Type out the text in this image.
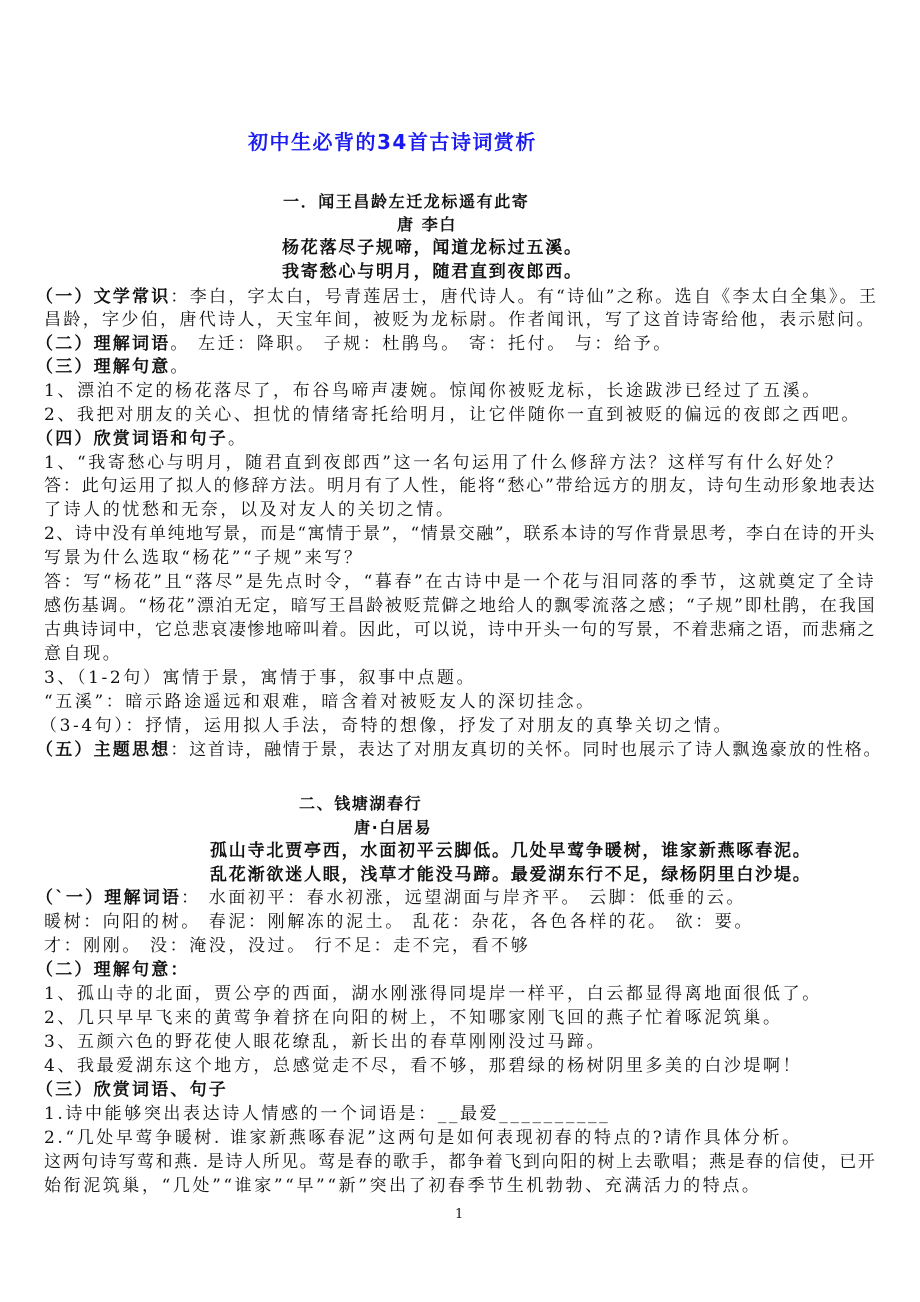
初中生必背的34首古诗词赏析
一．闻王昌龄左迁龙标遥有此寄
唐 李白
杨花落尽子规啼，闻道龙标过五溪。
我寄愁心与明月，随君直到夜郎西。
（一）文学常识：李白，字太白，号青莲居士，唐代诗人。有“诗仙”之称。选自《李太白全集》。王
昌龄，字少伯，唐代诗人，天宝年间，被贬为龙标尉。作者闻讯，写了这首诗寄给他，表示慰问。
（二）理解词语。 左迁：降职。 子规：杜鹃鸟。 寄：托付。 与：给予。
（三）理解句意。
1、漂泊不定的杨花落尽了，布谷鸟啼声凄婉。惊闻你被贬龙标，长途跋涉已经过了五溪。
2、我把对朋友的关心、担忧的情绪寄托给明月，让它伴随你一直到被贬的偏远的夜郎之西吧。
（四）欣赏词语和句子。
1、“我寄愁心与明月，随君直到夜郎西”这一名句运用了什么修辞方法？这样写有什么好处？
答：此句运用了拟人的修辞方法。明月有了人性，能将“愁心”带给远方的朋友，诗句生动形象地表达
了诗人的忧愁和无奈，以及对友人的关切之情。
2、诗中没有单纯地写景，而是“寓情于景”，“情景交融”，联系本诗的写作背景思考，李白在诗的开头
写景为什么选取“杨花”“子规”来写？
答：写“杨花”且“落尽”是先点时令，“暮春”在古诗中是一个花与泪同落的季节，这就奠定了全诗
感伤基调。“杨花”漂泊无定，暗写王昌龄被贬荒僻之地给人的飘零流落之感；“子规”即杜鹃，在我国
古典诗词中，它总悲哀凄惨地啼叫着。因此，可以说，诗中开头一句的写景，不着悲痛之语，而悲痛之
意自现。
3、（1-2句）寓情于景，寓情于事，叙事中点题。
“五溪”：暗示路途遥远和艰难，暗含着对被贬友人的深切挂念。
（3-4句）：抒情，运用拟人手法，奇特的想像，抒发了对朋友的真挚关切之情。
（五）主题思想：这首诗，融情于景，表达了对朋友真切的关怀。同时也展示了诗人飘逸豪放的性格。
二、钱塘湖春行
唐·白居易
孤山寺北贾亭西，水面初平云脚低。几处早莺争暖树，谁家新燕啄春泥。
乱花渐欲迷人眼，浅草才能没马蹄。最爱湖东行不足，绿杨阴里白沙堤。
（`一）理解词语： 水面初平：春水初涨，远望湖面与岸齐平。 云脚：低垂的云。
暖树：向阳的树。 春泥：刚解冻的泥土。 乱花：杂花，各色各样的花。 欲：要。
才：刚刚。 没：淹没，没过。 行不足：走不完，看不够
（二）理解句意：
1、孤山寺的北面，贾公亭的西面，湖水刚涨得同堤岸一样平，白云都显得离地面很低了。
2、几只早早飞来的黄莺争着挤在向阳的树上，不知哪家刚飞回的燕子忙着啄泥筑巢。
3、五颜六色的野花使人眼花缭乱，新长出的春草刚刚没过马蹄。
4、我最爱湖东这个地方，总感觉走不尽，看不够，那碧绿的杨树阴里多美的白沙堤啊！
（三）欣赏词语、句子
1.诗中能够突出表达诗人情感的一个词语是：__最爱__________
2.“几处早莺争暖树. 谁家新燕啄春泥”这两句是如何表现初春的特点的?请作具体分析。
这两句诗写莺和燕. 是诗人所见。莺是春的歌手，都争着飞到向阳的树上去歌唱；燕是春的信使，已开
始衔泥筑巢，“几处”“谁家”“早”“新”突出了初春季节生机勃勃、充满活力的特点。
1
